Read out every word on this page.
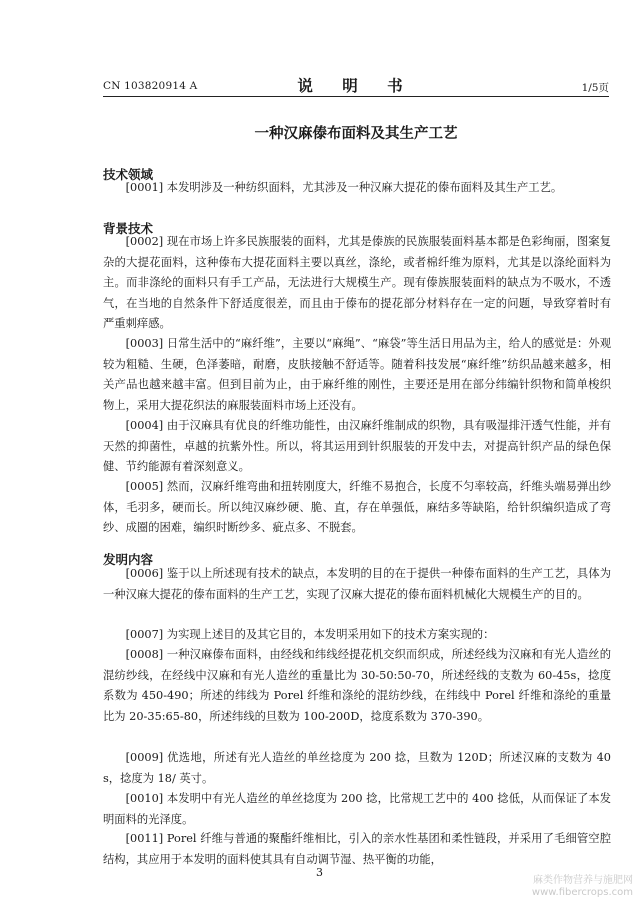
CN 103820914 A	说 明 书	1/5页
一种汉麻傣布面料及其生产工艺
技术领域
[0001] 本发明涉及一种纺织面料，尤其涉及一种汉麻大提花的傣布面料及其生产工艺。
背景技术
[0002] 现在市场上许多民族服装的面料，尤其是傣族的民族服装面料基本都是色彩绚丽，图案复杂的大提花面料，这种傣布大提花面料主要以真丝，涤纶，或者棉纤维为原料，尤其是以涤纶面料为主。而非涤纶的面料只有手工产品，无法进行大规模生产。现有傣族服装面料的缺点为不吸水，不透气，在当地的自然条件下舒适度很差，而且由于傣布的提花部分材料存在一定的问题，导致穿着时有严重刺痒感。
[0003] 日常生活中的“麻纤维”，主要以“麻绳”、“麻袋”等生活日用品为主，给人的感觉是：外观较为粗糙、生硬，色泽萎暗，耐磨，皮肤接触不舒适等。随着科技发展“麻纤维”纺织品越来越多，相关产品也越来越丰富。但到目前为止，由于麻纤维的刚性，主要还是用在部分纬编针织物和简单梭织物上，采用大提花织法的麻服装面料市场上还没有。
[0004] 由于汉麻具有优良的纤维功能性，由汉麻纤维制成的织物，具有吸湿排汗透气性能，并有天然的抑菌性，卓越的抗紫外性。所以，将其运用到针织服装的开发中去，对提高针织产品的绿色保健、节约能源有着深刻意义。
[0005] 然而，汉麻纤维弯曲和扭转刚度大，纤维不易抱合，长度不匀率较高，纤维头端易弹出纱体，毛羽多，硬而长。所以纯汉麻纱硬、脆、直，存在单强低，麻结多等缺陷，给针织编织造成了弯纱、成圈的困难，编织时断纱多、疵点多、不脱套。
发明内容
[0006] 鉴于以上所述现有技术的缺点，本发明的目的在于提供一种傣布面料的生产工艺，具体为一种汉麻大提花的傣布面料的生产工艺，实现了汉麻大提花的傣布面料机械化大规模生产的目的。
[0007] 为实现上述目的及其它目的，本发明采用如下的技术方案实现的：
[0008] 一种汉麻傣布面料，由经线和纬线经提花机交织而织成，所述经线为汉麻和有光人造丝的混纺纱线，在经线中汉麻和有光人造丝的重量比为 30-50:50-70，所述经线的支数为 60-45s，捻度系数为 450-490；所述的纬线为 Porel 纤维和涤纶的混纺纱线，在纬线中 Porel 纤维和涤纶的重量比为 20-35:65-80，所述纬线的旦数为 100-200D，捻度系数为 370-390。
[0009] 优选地，所述有光人造丝的单丝捻度为 200 捻，旦数为 120D；所述汉麻的支数为 40s，捻度为 18/ 英寸。
[0010] 本发明中有光人造丝的单丝捻度为 200 捻，比常规工艺中的 400 捻低，从而保证了本发明面料的光泽度。
[0011] Porel 纤维与普通的聚酯纤维相比，引入的亲水性基团和柔性链段，并采用了毛细管空腔结构，其应用于本发明的面料使其具有自动调节湿、热平衡的功能，
3
麻类作物营养与施肥网
www.fibercrops.com
